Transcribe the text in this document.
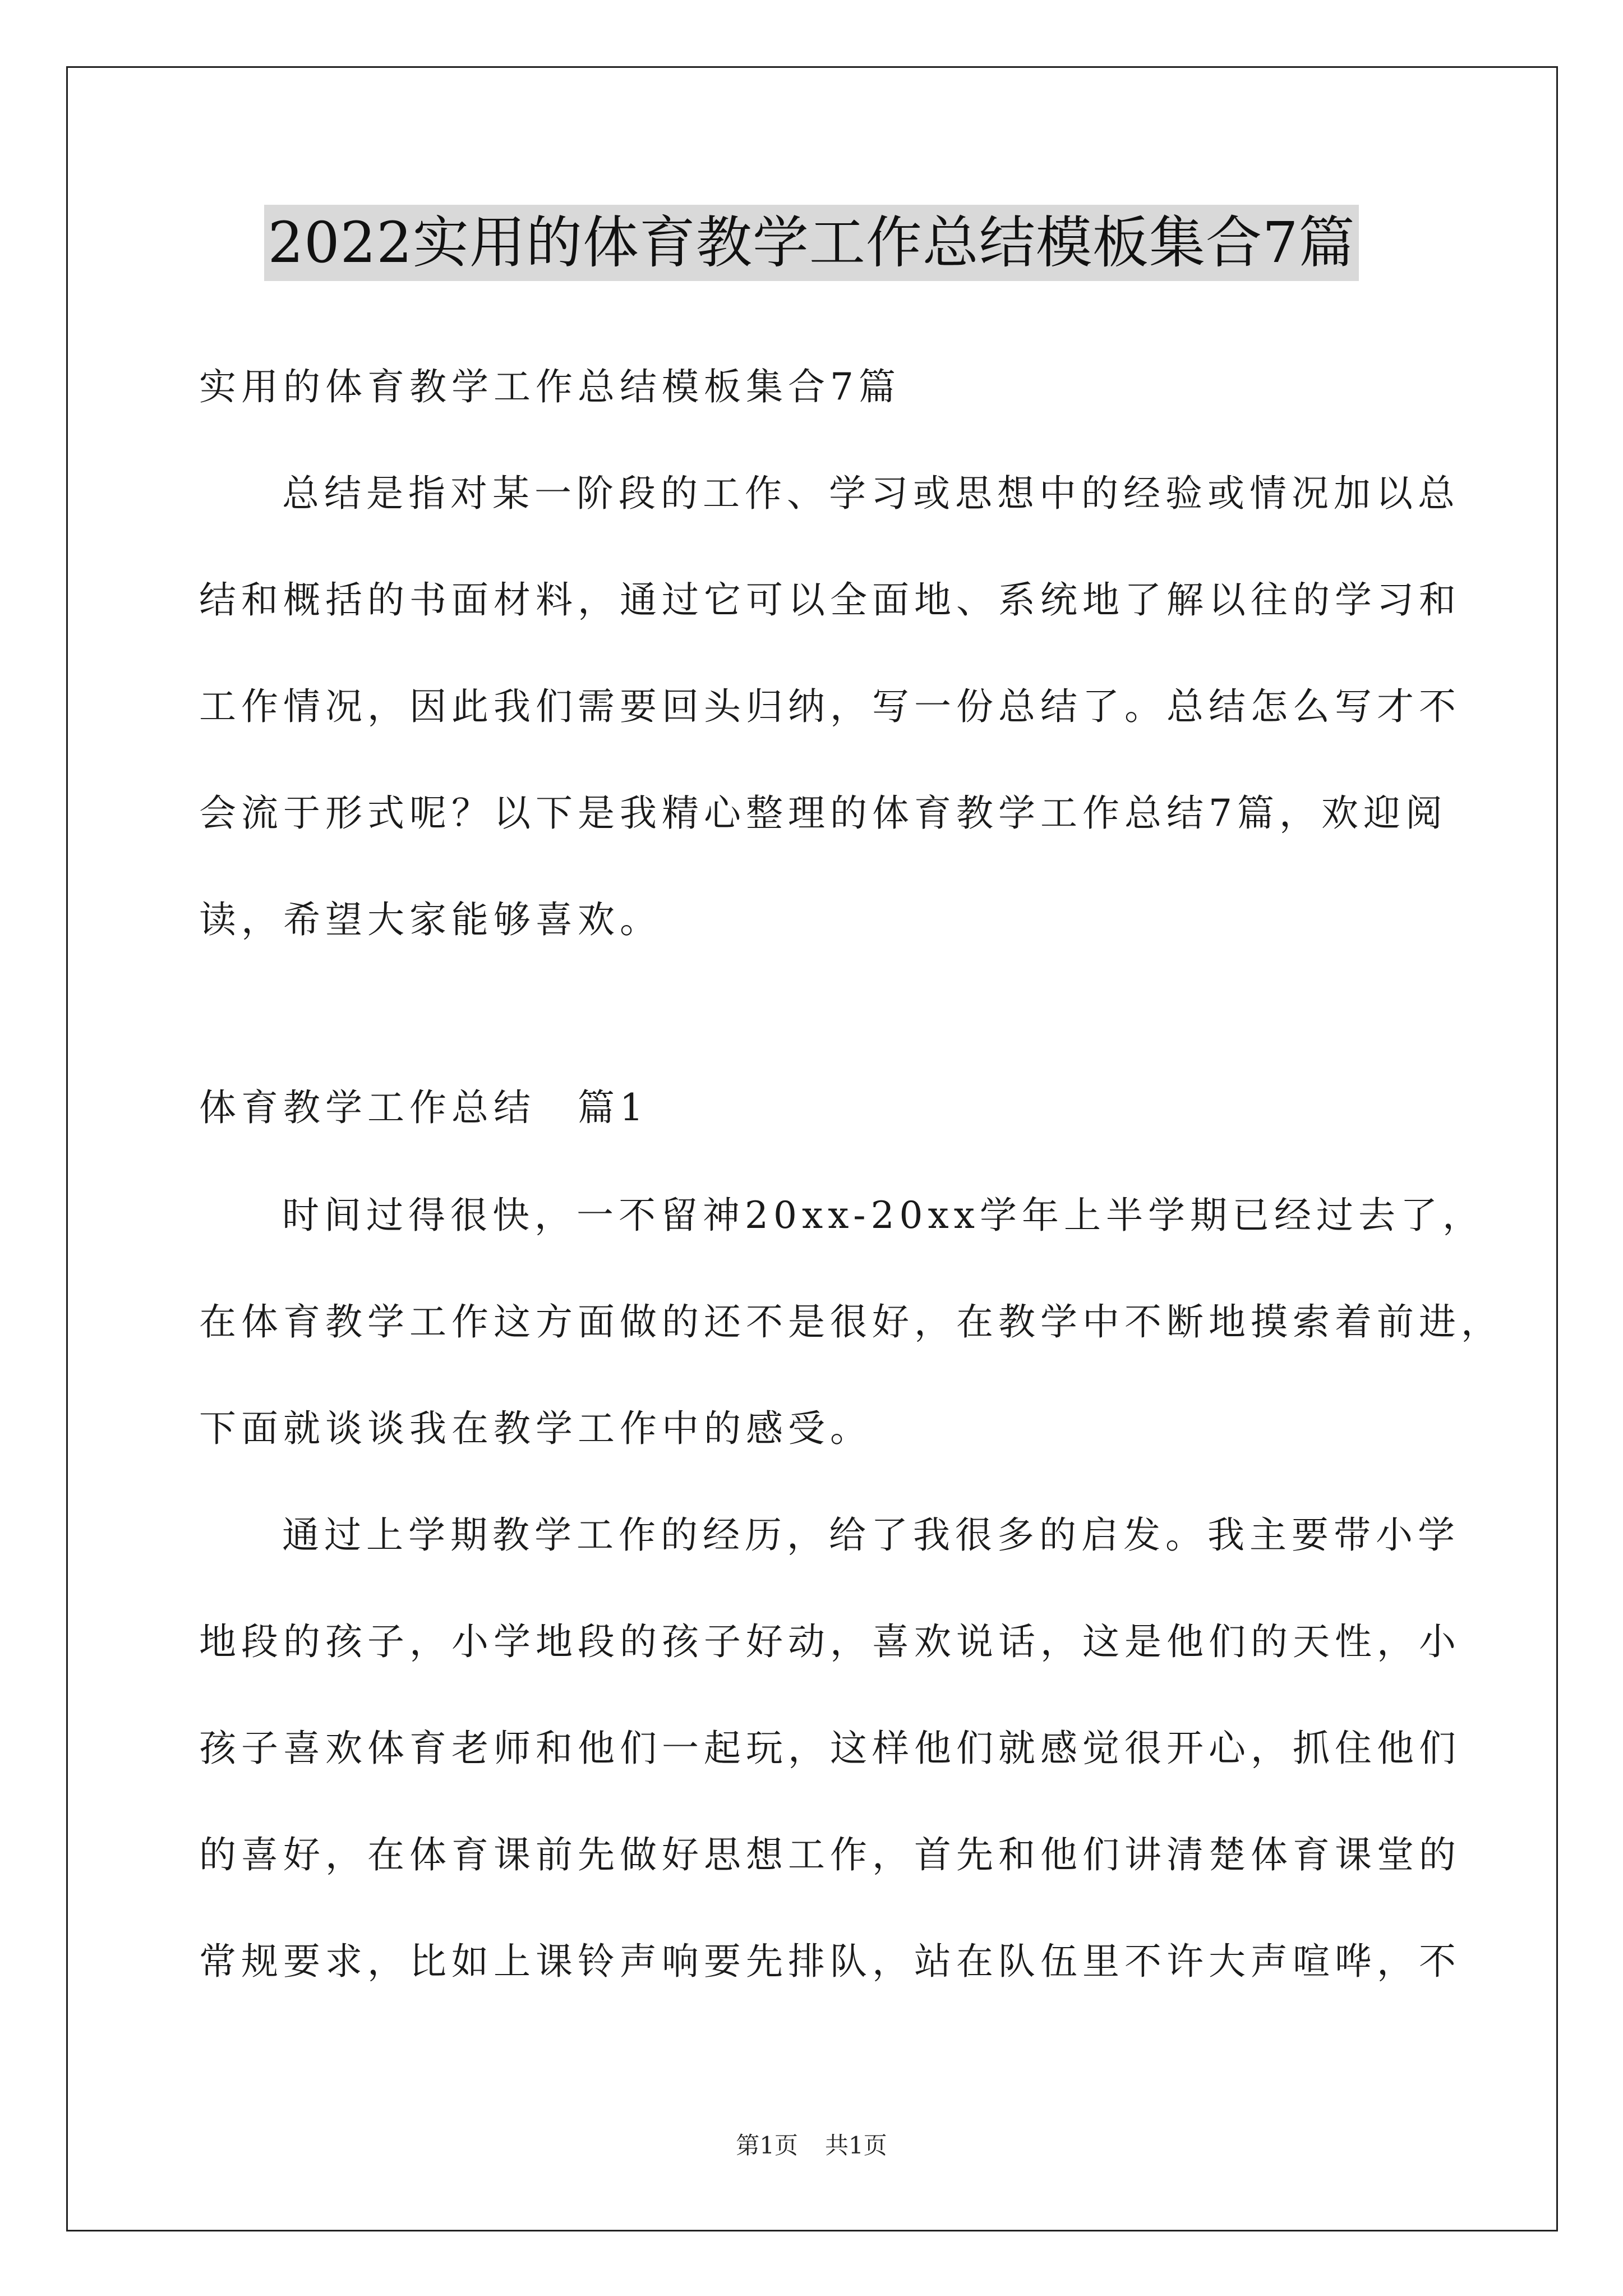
2022实用的体育教学工作总结模板集合7篇
实用的体育教学工作总结模板集合7篇
总结是指对某一阶段的工作、学习或思想中的经验或情况加以总
结和概括的书面材料，通过它可以全面地、系统地了解以往的学习和
工作情况，因此我们需要回头归纳，写一份总结了。总结怎么写才不
会流于形式呢？以下是我精心整理的体育教学工作总结7篇，欢迎阅
读，希望大家能够喜欢。
体育教学工作总结　篇1
时间过得很快，一不留神20xx-20xx学年上半学期已经过去了，
在体育教学工作这方面做的还不是很好，在教学中不断地摸索着前进，
下面就谈谈我在教学工作中的感受。
通过上学期教学工作的经历，给了我很多的启发。我主要带小学
地段的孩子，小学地段的孩子好动，喜欢说话，这是他们的天性，小
孩子喜欢体育老师和他们一起玩，这样他们就感觉很开心，抓住他们
的喜好，在体育课前先做好思想工作，首先和他们讲清楚体育课堂的
常规要求，比如上课铃声响要先排队，站在队伍里不许大声喧哗，不
第1页 共1页
